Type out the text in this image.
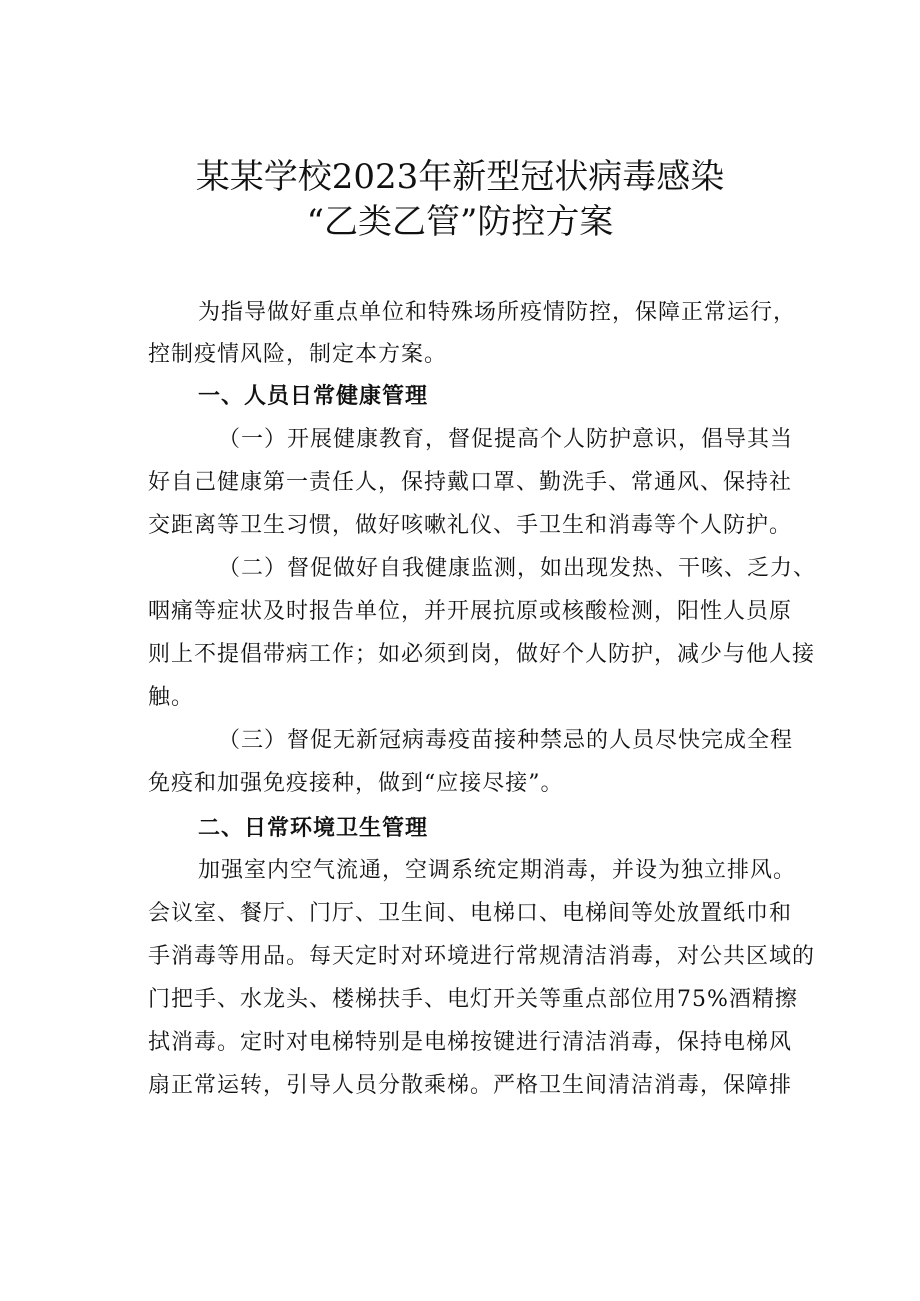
某某学校2023年新型冠状病毒感染
“乙类乙管”防控方案
为指导做好重点单位和特殊场所疫情防控，保障正常运行，
控制疫情风险，制定本方案。
一、人员日常健康管理
（一）开展健康教育，督促提高个人防护意识，倡导其当
好自己健康第一责任人，保持戴口罩、勤洗手、常通风、保持社
交距离等卫生习惯，做好咳嗽礼仪、手卫生和消毒等个人防护。
（二）督促做好自我健康监测，如出现发热、干咳、乏力、
咽痛等症状及时报告单位，并开展抗原或核酸检测，阳性人员原
则上不提倡带病工作；如必须到岗，做好个人防护，减少与他人接
触。
（三）督促无新冠病毒疫苗接种禁忌的人员尽快完成全程
免疫和加强免疫接种，做到“应接尽接”。
二、日常环境卫生管理
加强室内空气流通，空调系统定期消毒，并设为独立排风。
会议室、餐厅、门厅、卫生间、电梯口、电梯间等处放置纸巾和
手消毒等用品。每天定时对环境进行常规清洁消毒，对公共区域的
门把手、水龙头、楼梯扶手、电灯开关等重点部位用75%酒精擦
拭消毒。定时对电梯特别是电梯按键进行清洁消毒，保持电梯风
扇正常运转，引导人员分散乘梯。严格卫生间清洁消毒，保障排
